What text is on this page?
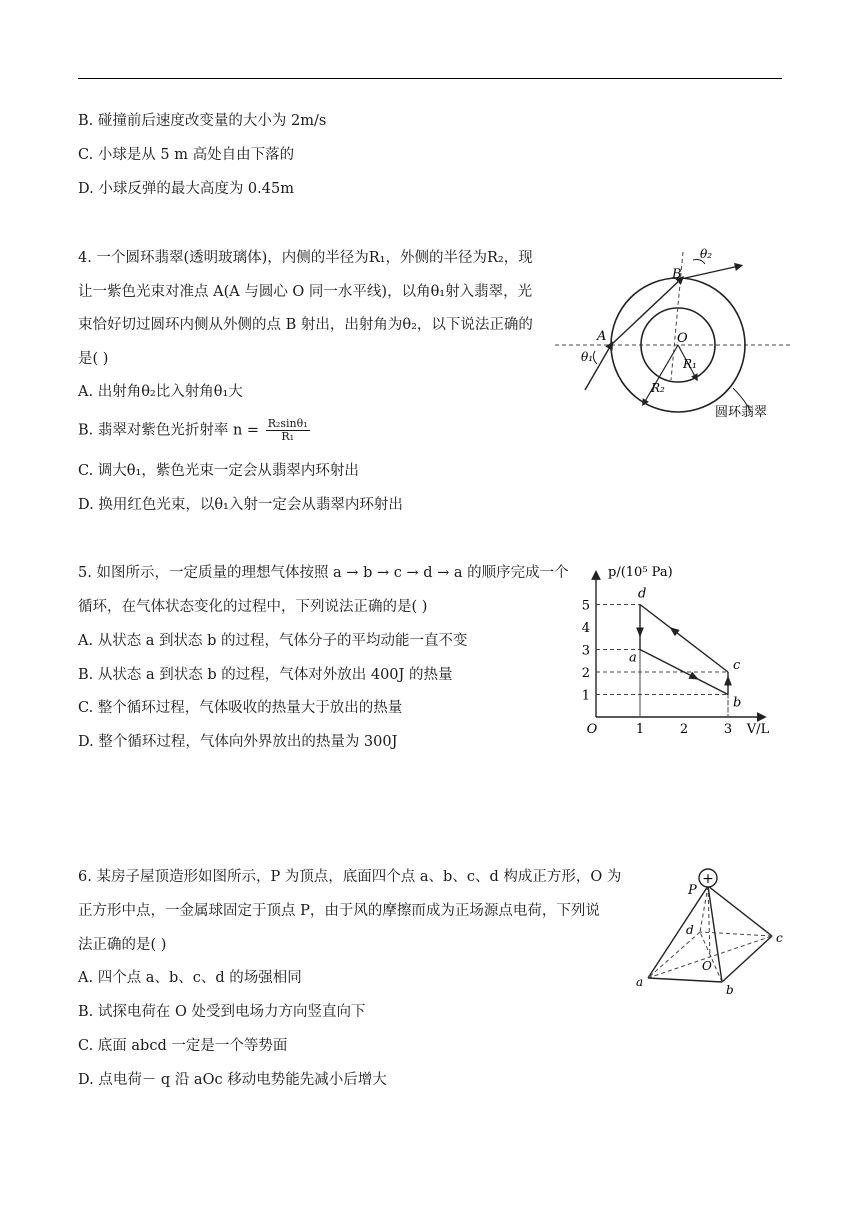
B. 碰撞前后速度改变量的大小为 2m/s
C. 小球是从 5 m 高处自由下落的
D. 小球反弹的最大高度为 0.45m
4. 一个圆环翡翠(透明玻璃体)，内侧的半径为R₁，外侧的半径为R₂，现
让一紫色光束对准点 A(A 与圆心 O 同一水平线)，以角θ₁射入翡翠，光
束恰好切过圆环内侧从外侧的点 B 射出，出射角为θ₂，以下说法正确的
是( )
A. 出射角θ₂比入射角θ₁大
B. 翡翠对紫色光折射率 $n = \frac{\text{R₂sinθ₁}}{\text{R₁}}$
C. 调大θ₁，紫色光束一定会从翡翠内环射出
D. 换用红色光束，以θ₁入射一定会从翡翠内环射出
A
B
O
R₁
R₂
θ₁
θ₂
圆环翡翠
5. 如图所示，一定质量的理想气体按照 a → b → c → d → a 的顺序完成一个
循环，在气体状态变化的过程中，下列说法正确的是( )
A. 从状态 a 到状态 b 的过程，气体分子的平均动能一直不变
B. 从状态 a 到状态 b 的过程，气体对外放出 400J 的热量
C. 整个循环过程，气体吸收的热量大于放出的热量
D. 整个循环过程，气体向外界放出的热量为 300J
p/(10⁵ Pa)
V/L
O	1	2	3
1
2
3
4
5
a
b
c
d
6. 某房子屋顶造形如图所示，P 为顶点，底面四个点 a、b、c、d 构成正方形，O 为
正方形中点，一金属球固定于顶点 P，由于风的摩擦而成为正场源点电荷，下列说
法正确的是( )
A. 四个点 a、b、c、d 的场强相同
B. 试探电荷在 O 处受到电场力方向竖直向下
C. 底面 abcd 一定是一个等势面
D. 点电荷－ q 沿 aOc 移动电势能先减小后增大
+
P
a
b
c
d
O
